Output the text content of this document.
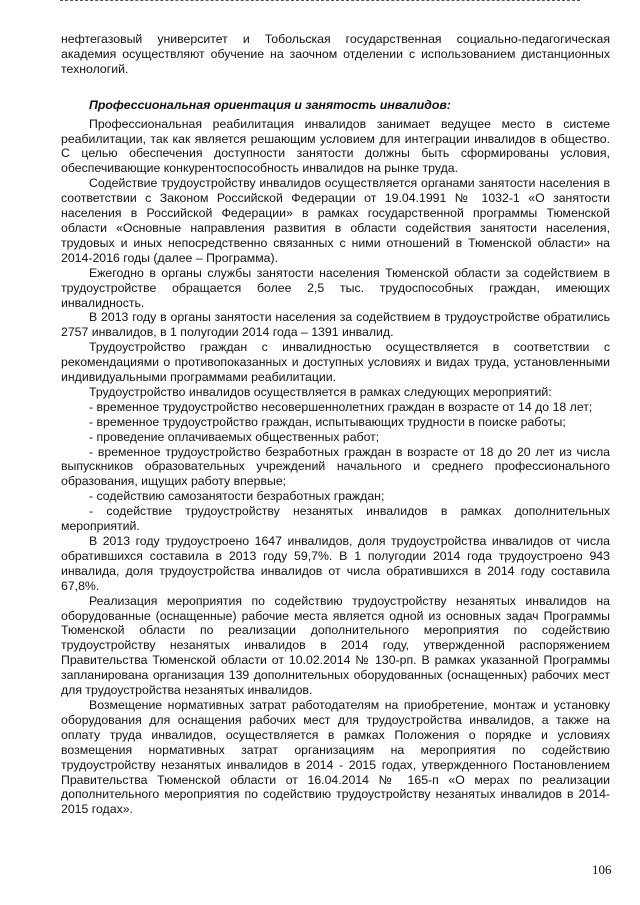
нефтегазовый университет и Тобольская государственная социально-педагогическая академия осуществляют обучение на заочном отделении с использованием дистанционных технологий.

Профессиональная ориентация и занятость инвалидов:

Профессиональная реабилитация инвалидов занимает ведущее место в системе реабилитации, так как является решающим условием для интеграции инвалидов в общество. С целью обеспечения доступности занятости должны быть сформированы условия, обеспечивающие конкурентоспособность инвалидов на рынке труда.

Содействие трудоустройству инвалидов осуществляется органами занятости населения в соответствии с Законом Российской Федерации от 19.04.1991 № 1032-1 «О занятости населения в Российской Федерации» в рамках государственной программы Тюменской области «Основные направления развития в области содействия занятости населения, трудовых и иных непосредственно связанных с ними отношений в Тюменской области» на 2014-2016 годы (далее – Программа).

Ежегодно в органы службы занятости населения Тюменской области за содействием в трудоустройстве обращается более 2,5 тыс. трудоспособных граждан, имеющих инвалидность.

В 2013 году в органы занятости населения за содействием в трудоустройстве обратились 2757 инвалидов, в 1 полугодии 2014 года – 1391 инвалид.

Трудоустройство граждан с инвалидностью осуществляется в соответствии с рекомендациями о противопоказанных и доступных условиях и видах труда, установленными индивидуальными программами реабилитации.

Трудоустройство инвалидов осуществляется в рамках следующих мероприятий:

- временное трудоустройство несовершеннолетних граждан в возрасте от 14 до 18 лет;

- временное трудоустройство граждан, испытывающих трудности в поиске работы;

- проведение оплачиваемых общественных работ;

- временное трудоустройство безработных граждан в возрасте от 18 до 20 лет из числа выпускников образовательных учреждений начального и среднего профессионального образования, ищущих работу впервые;

- содействию самозанятости безработных граждан;

- содействие трудоустройству незанятых инвалидов в рамках дополнительных мероприятий.

В 2013 году трудоустроено 1647 инвалидов, доля трудоустройства инвалидов от числа обратившихся составила в 2013 году 59,7%. В 1 полугодии 2014 года трудоустроено 943 инвалида, доля трудоустройства инвалидов от числа обратившихся в 2014 году составила 67,8%.

Реализация мероприятия по содействию трудоустройству незанятых инвалидов на оборудованные (оснащенные) рабочие места является одной из основных задач Программы Тюменской области по реализации дополнительного мероприятия по содействию трудоустройству незанятых инвалидов в 2014 году, утвержденной распоряжением Правительства Тюменской области от 10.02.2014 № 130-рп. В рамках указанной Программы запланирована организация 139 дополнительных оборудованных (оснащенных) рабочих мест для трудоустройства незанятых инвалидов.

Возмещение нормативных затрат работодателям на приобретение, монтаж и установку оборудования для оснащения рабочих мест для трудоустройства инвалидов, а также на оплату труда инвалидов, осуществляется в рамках Положения о порядке и условиях возмещения нормативных затрат организациям на мероприятия по содействию трудоустройству незанятых инвалидов в 2014 - 2015 годах, утвержденного Постановлением Правительства Тюменской области от 16.04.2014 № 165-п «О мерах по реализации дополнительного мероприятия по содействию трудоустройству незанятых инвалидов в 2014-2015 годах».

106
